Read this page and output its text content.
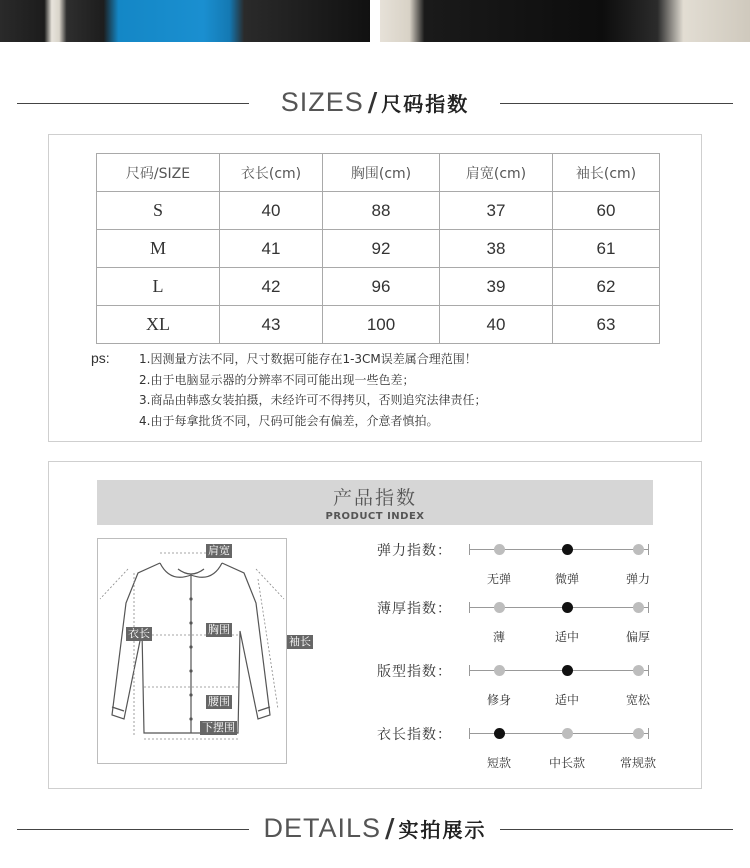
SIZES / 尺码指数
尺码/SIZE	衣长(cm)	胸围(cm)	肩宽(cm)	袖长(cm)
S	40	88	37	60
M	41	92	38	61
L	42	96	39	62
XL	43	100	40	63
ps: 1.因测量方法不同，尺寸数据可能存在1-3CM误差属合理范围！
2.由于电脑显示器的分辨率不同可能出现一些色差；
3.商品由韩惑女装拍摄，未经许可不得拷贝，否则追究法律责任；
4.由于每拿批货不同，尺码可能会有偏差，介意者慎拍。
产品指数
PRODUCT INDEX
肩宽
衣长	胸围
袖长
腰围
下摆围
弹力指数：
无弹	微弹	弹力
薄厚指数：
薄	适中	偏厚
版型指数：
修身	适中	宽松
衣长指数：
短款	中长款	常规款
DETAILS / 实拍展示
